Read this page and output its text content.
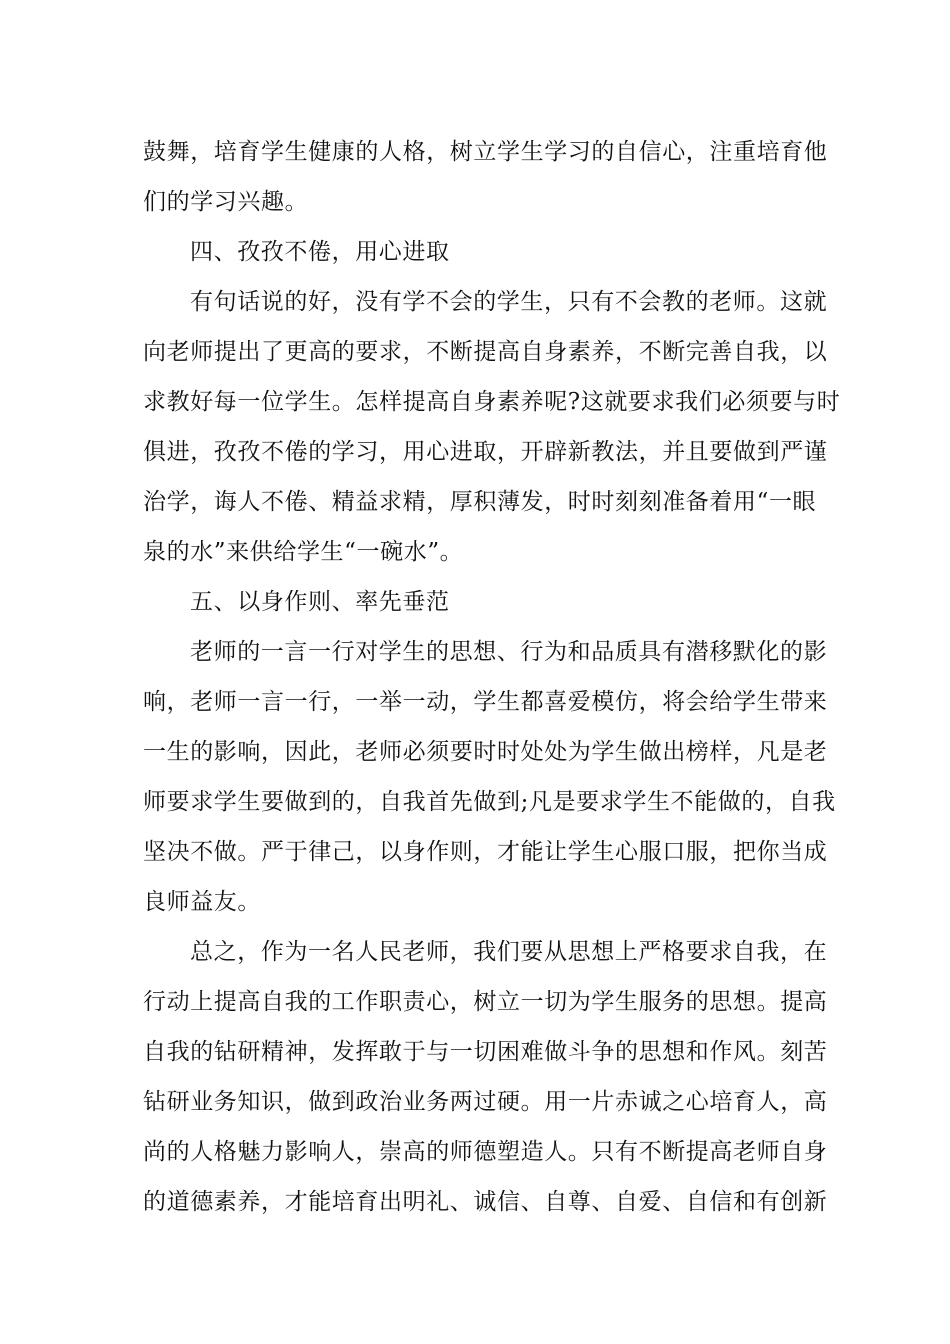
鼓舞，培育学生健康的人格，树立学生学习的自信心，注重培育他
们的学习兴趣。
四、孜孜不倦，用心进取
有句话说的好，没有学不会的学生，只有不会教的老师。这就
向老师提出了更高的要求，不断提高自身素养，不断完善自我，以
求教好每一位学生。怎样提高自身素养呢?这就要求我们必须要与时
俱进，孜孜不倦的学习，用心进取，开辟新教法，并且要做到严谨
治学，诲人不倦、精益求精，厚积薄发，时时刻刻准备着用“一眼
泉的水”来供给学生“一碗水”。
五、以身作则、率先垂范
老师的一言一行对学生的思想、行为和品质具有潜移默化的影
响，老师一言一行，一举一动，学生都喜爱模仿，将会给学生带来
一生的影响，因此，老师必须要时时处处为学生做出榜样，凡是老
师要求学生要做到的，自我首先做到;凡是要求学生不能做的，自我
坚决不做。严于律己，以身作则，才能让学生心服口服，把你当成
良师益友。
总之，作为一名人民老师，我们要从思想上严格要求自我，在
行动上提高自我的工作职责心，树立一切为学生服务的思想。提高
自我的钻研精神，发挥敢于与一切困难做斗争的思想和作风。刻苦
钻研业务知识，做到政治业务两过硬。用一片赤诚之心培育人，高
尚的人格魅力影响人，崇高的师德塑造人。只有不断提高老师自身
的道德素养，才能培育出明礼、诚信、自尊、自爱、自信和有创新
